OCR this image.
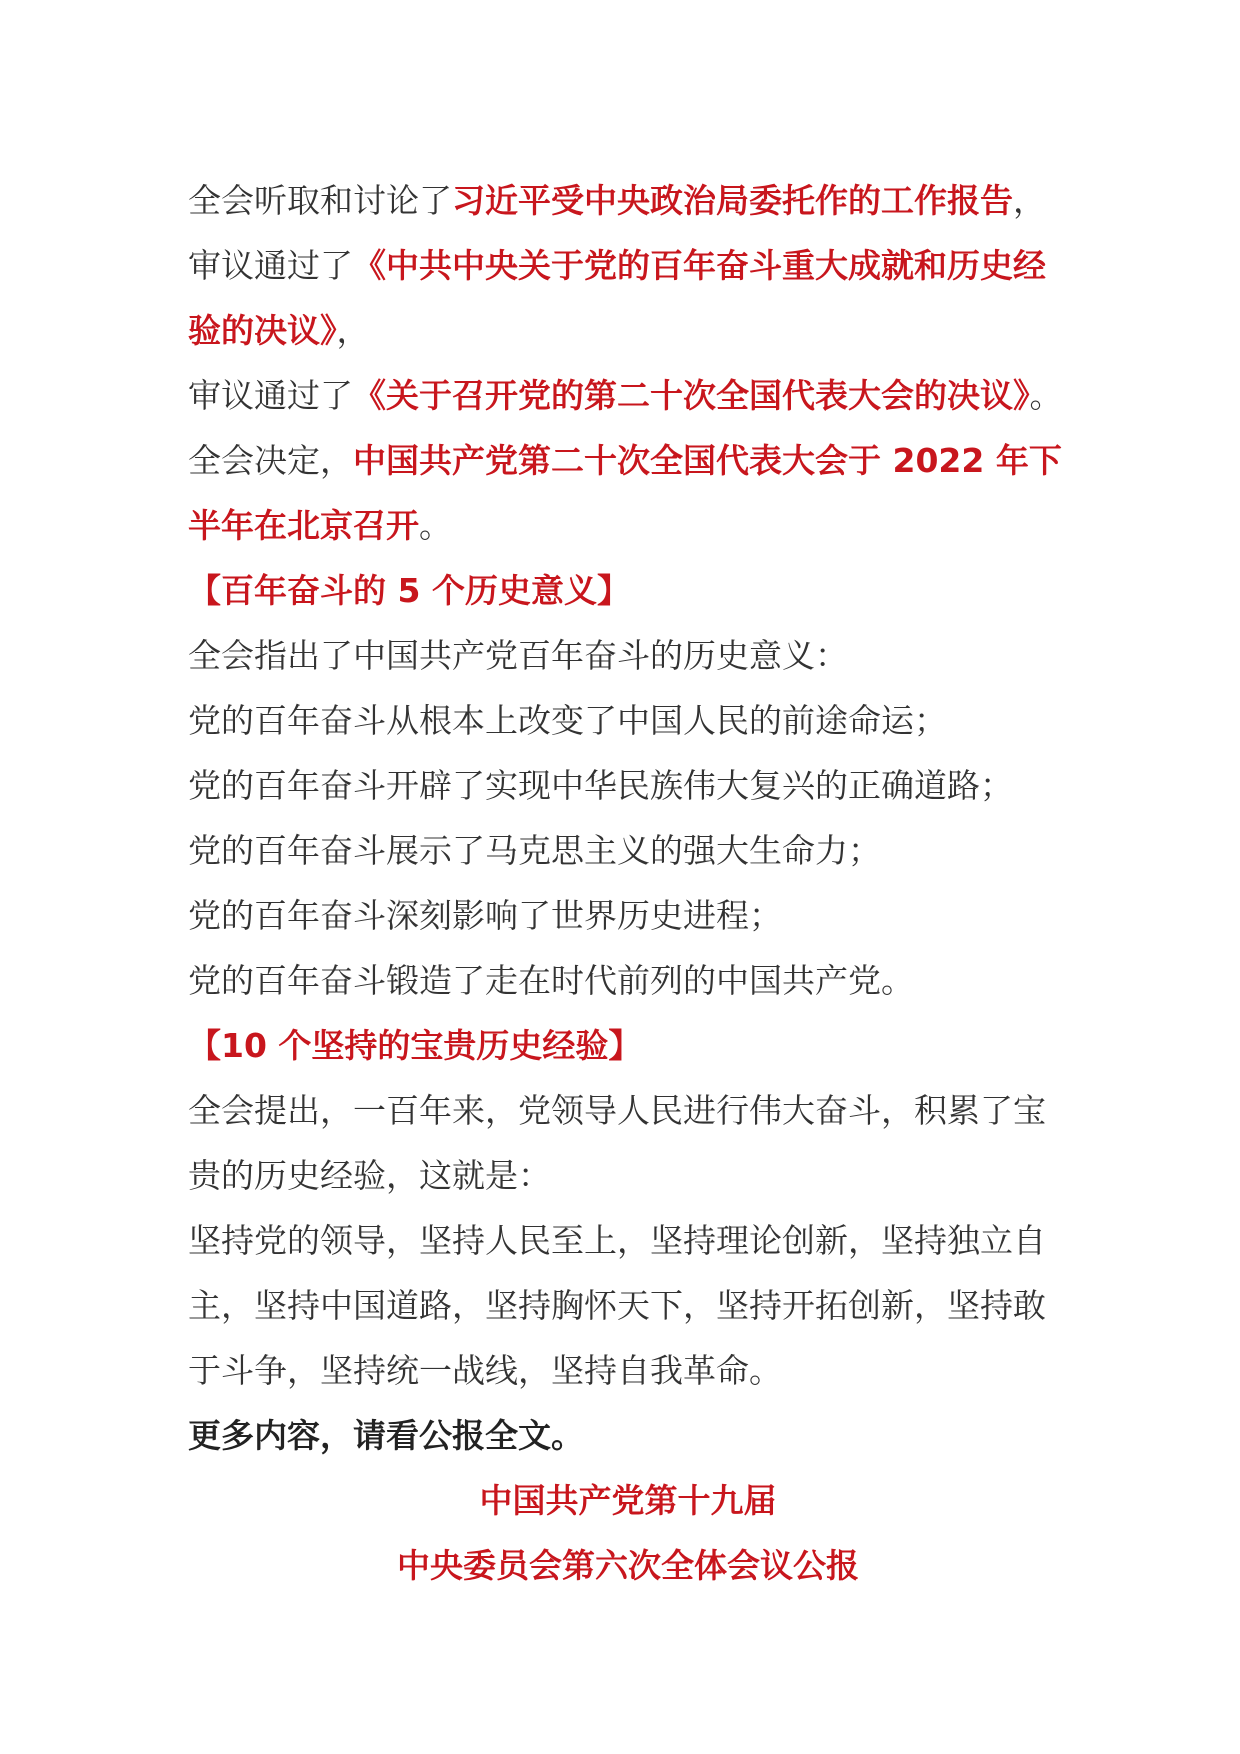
全会听取和讨论了习近平受中央政治局委托作的工作报告，

审议通过了《中共中央关于党的百年奋斗重大成就和历史经验的决议》，

审议通过了《关于召开党的第二十次全国代表大会的决议》。

全会决定，中国共产党第二十次全国代表大会于 2022 年下半年在北京召开。

【百年奋斗的 5 个历史意义】

全会指出了中国共产党百年奋斗的历史意义：

党的百年奋斗从根本上改变了中国人民的前途命运；

党的百年奋斗开辟了实现中华民族伟大复兴的正确道路；

党的百年奋斗展示了马克思主义的强大生命力；

党的百年奋斗深刻影响了世界历史进程；

党的百年奋斗锻造了走在时代前列的中国共产党。

【10 个坚持的宝贵历史经验】

全会提出，一百年来，党领导人民进行伟大奋斗，积累了宝贵的历史经验，这就是：

坚持党的领导，坚持人民至上，坚持理论创新，坚持独立自主，坚持中国道路，坚持胸怀天下，坚持开拓创新，坚持敢于斗争，坚持统一战线，坚持自我革命。

更多内容，请看公报全文。

中国共产党第十九届

中央委员会第六次全体会议公报
